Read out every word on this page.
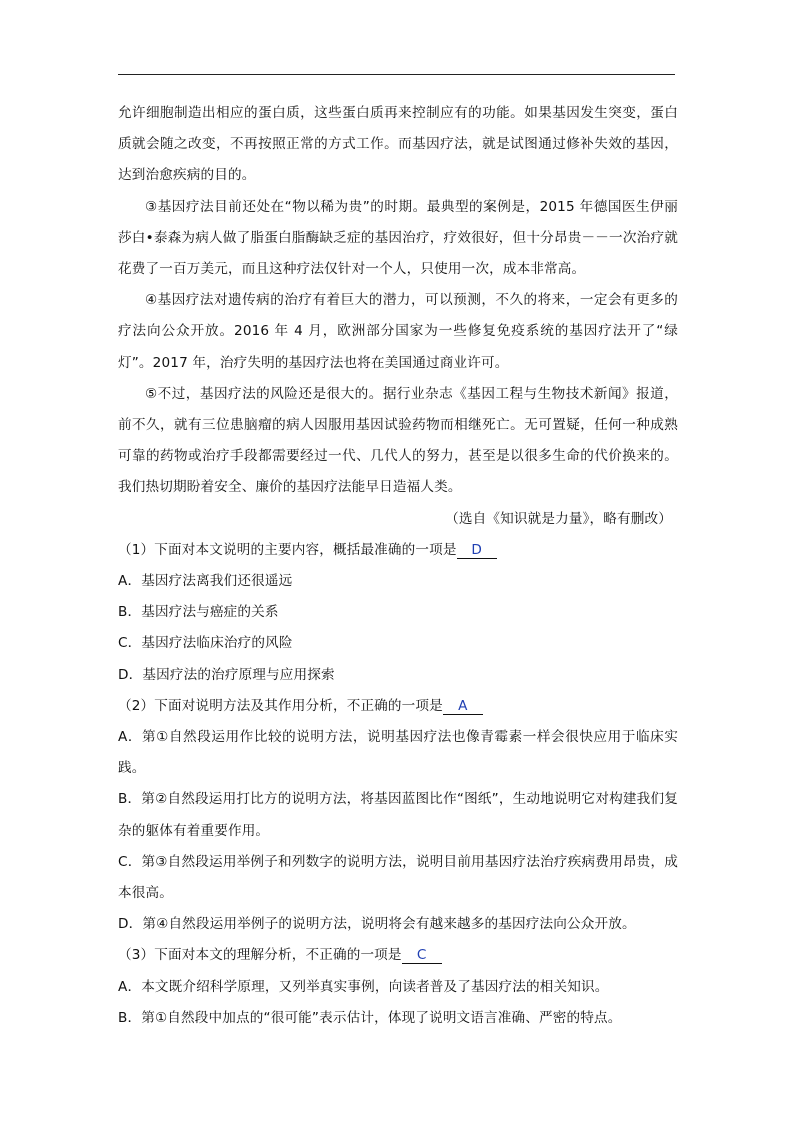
允许细胞制造出相应的蛋白质，这些蛋白质再来控制应有的功能。如果基因发生突变，蛋白质就会随之改变，不再按照正常的方式工作。而基因疗法，就是试图通过修补失效的基因，达到治愈疾病的目的。

③基因疗法目前还处在“物以稀为贵”的时期。最典型的案例是，2015 年德国医生伊丽莎白•泰森为病人做了脂蛋白脂酶缺乏症的基因治疗，疗效很好，但十分昂贵－－一次治疗就花费了一百万美元，而且这种疗法仅针对一个人，只使用一次，成本非常高。

④基因疗法对遗传病的治疗有着巨大的潜力，可以预测，不久的将来，一定会有更多的疗法向公众开放。2016 年 4 月，欧洲部分国家为一些修复免疫系统的基因疗法开了“绿灯”。2017 年，治疗失明的基因疗法也将在美国通过商业许可。

⑤不过，基因疗法的风险还是很大的。据行业杂志《基因工程与生物技术新闻》报道，前不久，就有三位患脑瘤的病人因服用基因试验药物而相继死亡。无可置疑，任何一种成熟可靠的药物或治疗手段都需要经过一代、几代人的努力，甚至是以很多生命的代价换来的。我们热切期盼着安全、廉价的基因疗法能早日造福人类。

（选自《知识就是力量》，略有删改）

（1）下面对本文说明的主要内容，概括最准确的一项是 D

A．基因疗法离我们还很遥远

B．基因疗法与癌症的关系

C．基因疗法临床治疗的风险

D．基因疗法的治疗原理与应用探索

（2）下面对说明方法及其作用分析，不正确的一项是 A

A．第①自然段运用作比较的说明方法，说明基因疗法也像青霉素一样会很快应用于临床实践。

B．第②自然段运用打比方的说明方法，将基因蓝图比作“图纸”，生动地说明它对构建我们复杂的躯体有着重要作用。

C．第③自然段运用举例子和列数字的说明方法，说明目前用基因疗法治疗疾病费用昂贵，成本很高。

D．第④自然段运用举例子的说明方法，说明将会有越来越多的基因疗法向公众开放。

（3）下面对本文的理解分析，不正确的一项是 C

A．本文既介绍科学原理，又列举真实事例，向读者普及了基因疗法的相关知识。

B．第①自然段中加点的“很可能”表示估计，体现了说明文语言准确、严密的特点。
